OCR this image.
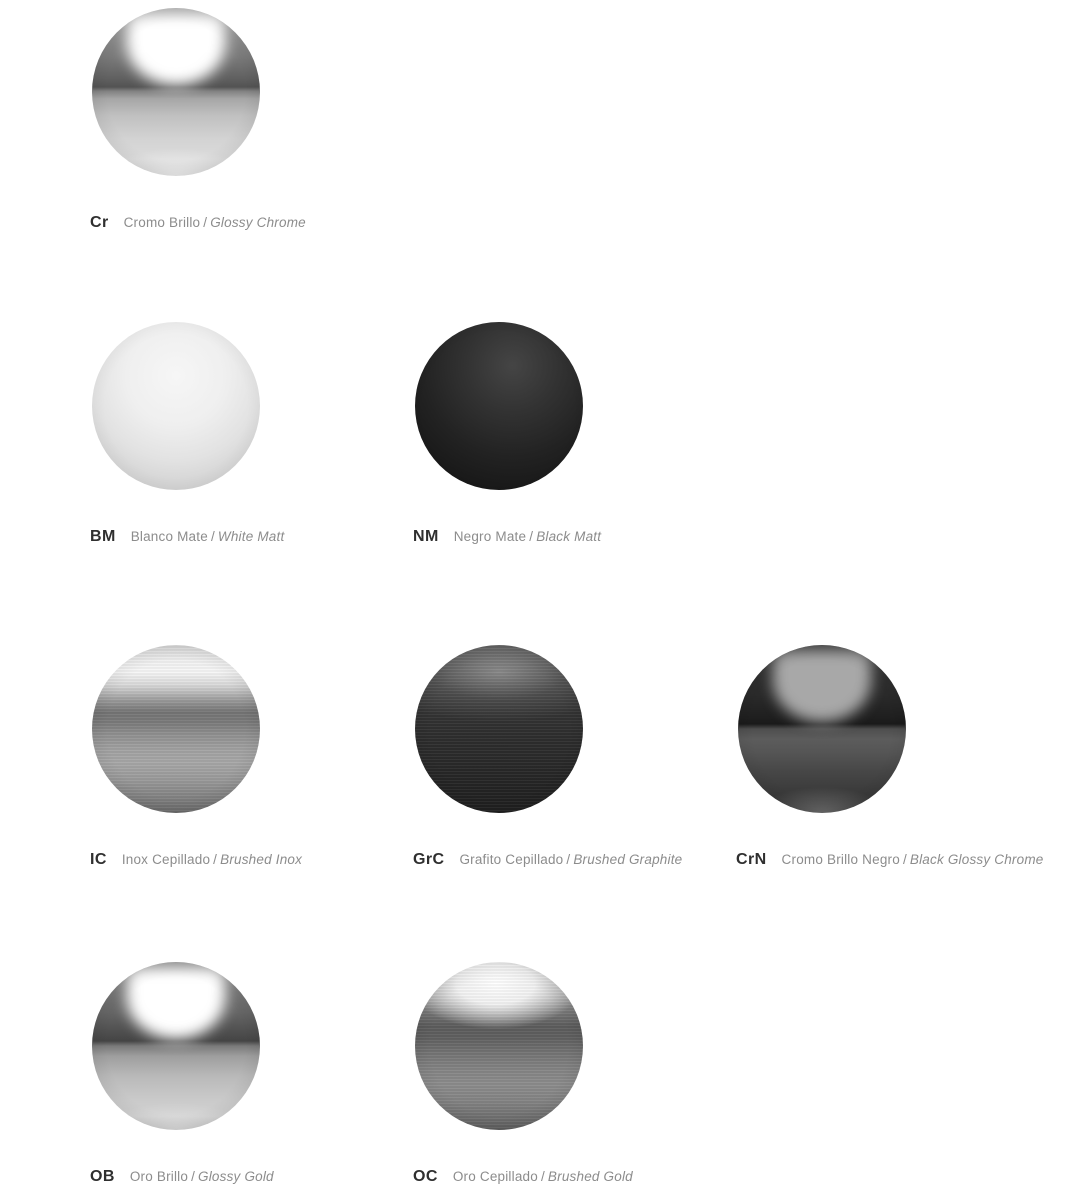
Cr Cromo Brillo / Glossy Chrome
BM Blanco Mate / White Matt	NM Negro Mate / Black Matt
IC Inox Cepillado / Brushed Inox	GrC Grafito Cepillado / Brushed Graphite	CrN Cromo Brillo Negro / Black Glossy Chrome
OB Oro Brillo / Glossy Gold	OC Oro Cepillado / Brushed Gold
